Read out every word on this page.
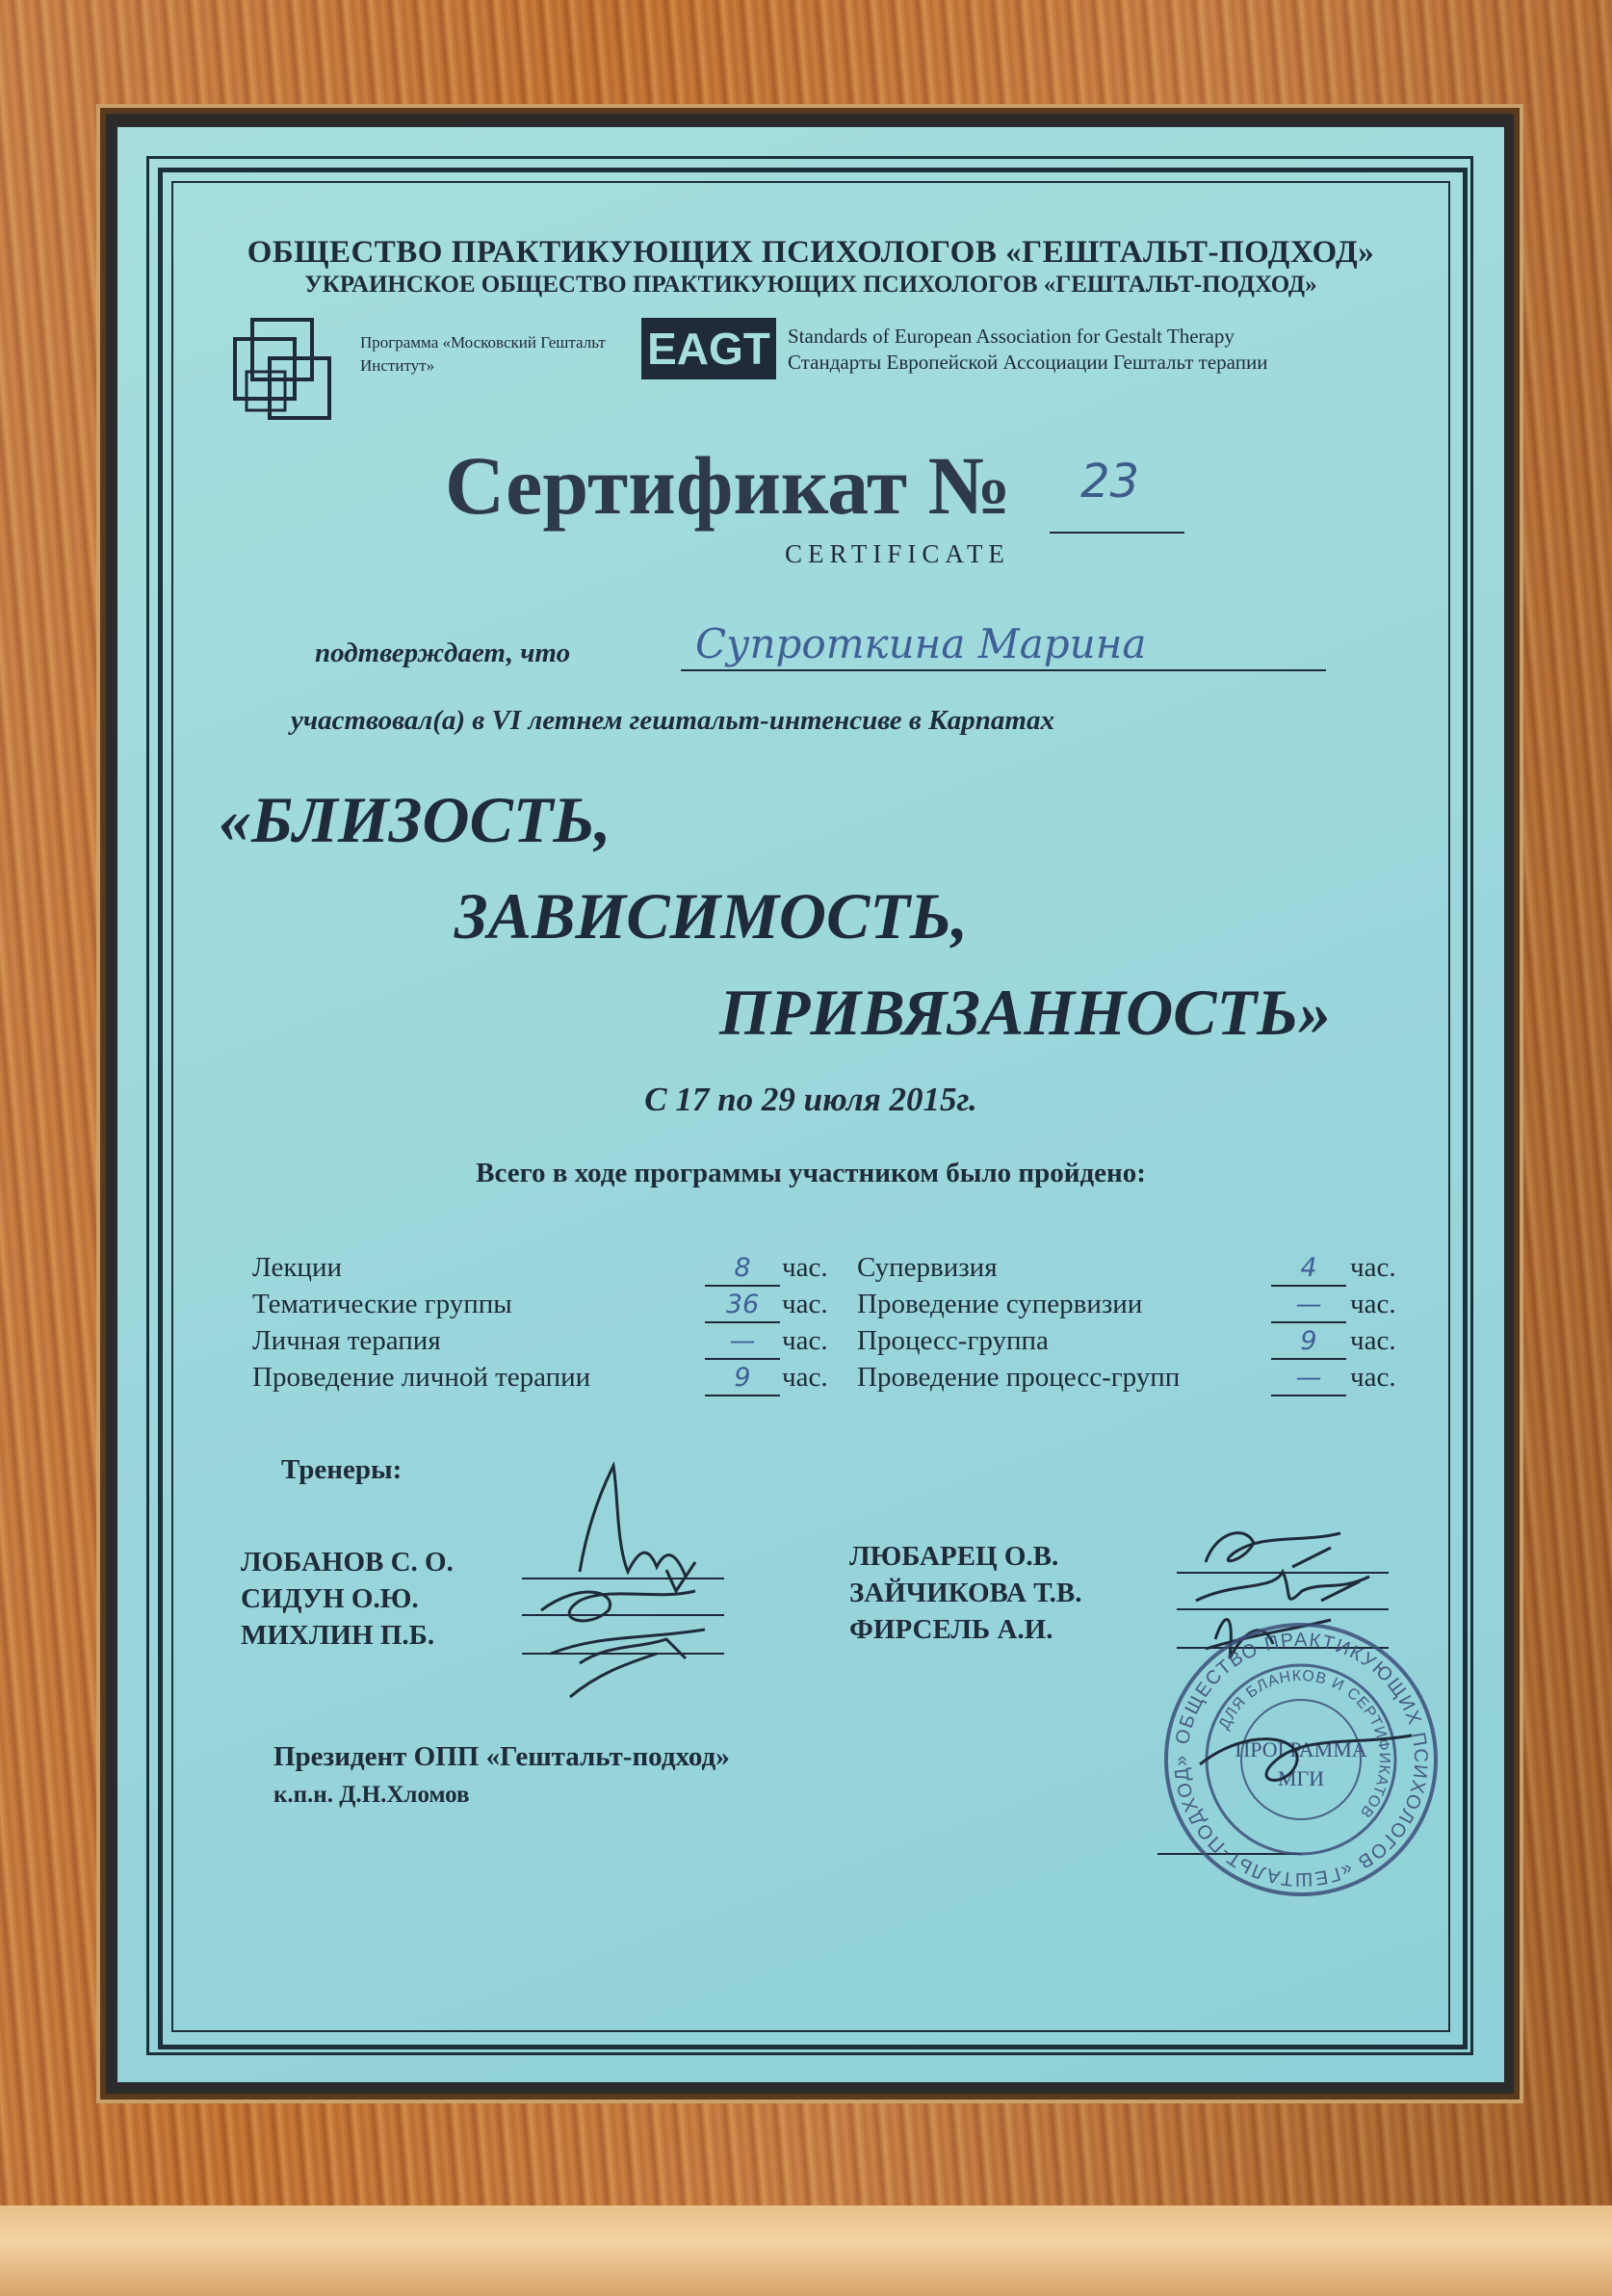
ОБЩЕСТВО ПРАКТИКУЮЩИХ ПСИХОЛОГОВ «ГЕШТАЛЬТ-ПОДХОД»
УКРАИНСКОЕ ОБЩЕСТВО ПРАКТИКУЮЩИХ ПСИХОЛОГОВ «ГЕШТАЛЬТ-ПОДХОД»
Программа «Московский Гештальт Институт»	EAGT Standards of European Association for Gestalt Therapy
Стандарты Европейской Ассоциации Гештальт терапии
Сертификат № 23
CERTIFICATE
подтверждает, что	Супроткина Марина
участвовал(а) в VI летнем гештальт-интенсиве в Карпатах
«БЛИЗОСТЬ,
ЗАВИСИМОСТЬ,
ПРИВЯЗАННОСТЬ»
С 17 по 29 июля 2015г.
Всего в ходе программы участником было пройдено:
Лекции	8	час.
Тематические группы	36 час.
Личная терапия	— час.
Проведение личной терапии	9	час.
Супервизия	4	час.
Проведение супервизии	—	час.
Процесс-группа	9	час.
Проведение процесс-групп	—	час.
Тренеры:
ЛОБАНОВ С. О.
СИДУН О.Ю.
МИХЛИН П.Б.
ЛЮБАРЕЦ О.В.
ЗАЙЧИКОВА Т.В.
ФИРСЕЛЬ А.И.
Президент ОПП «Гештальт-подход»
к.п.н. Д.Н.Хломов
ОБЩЕСТВО ПРАКТИКУЮЩИХ ПСИХОЛОГОВ «ГЕШТАЛЬТ-ПОДХОД»
ДЛЯ БЛАНКОВ И СЕРТИФИКАТОВ
ПРОГРАММА
МГИ
